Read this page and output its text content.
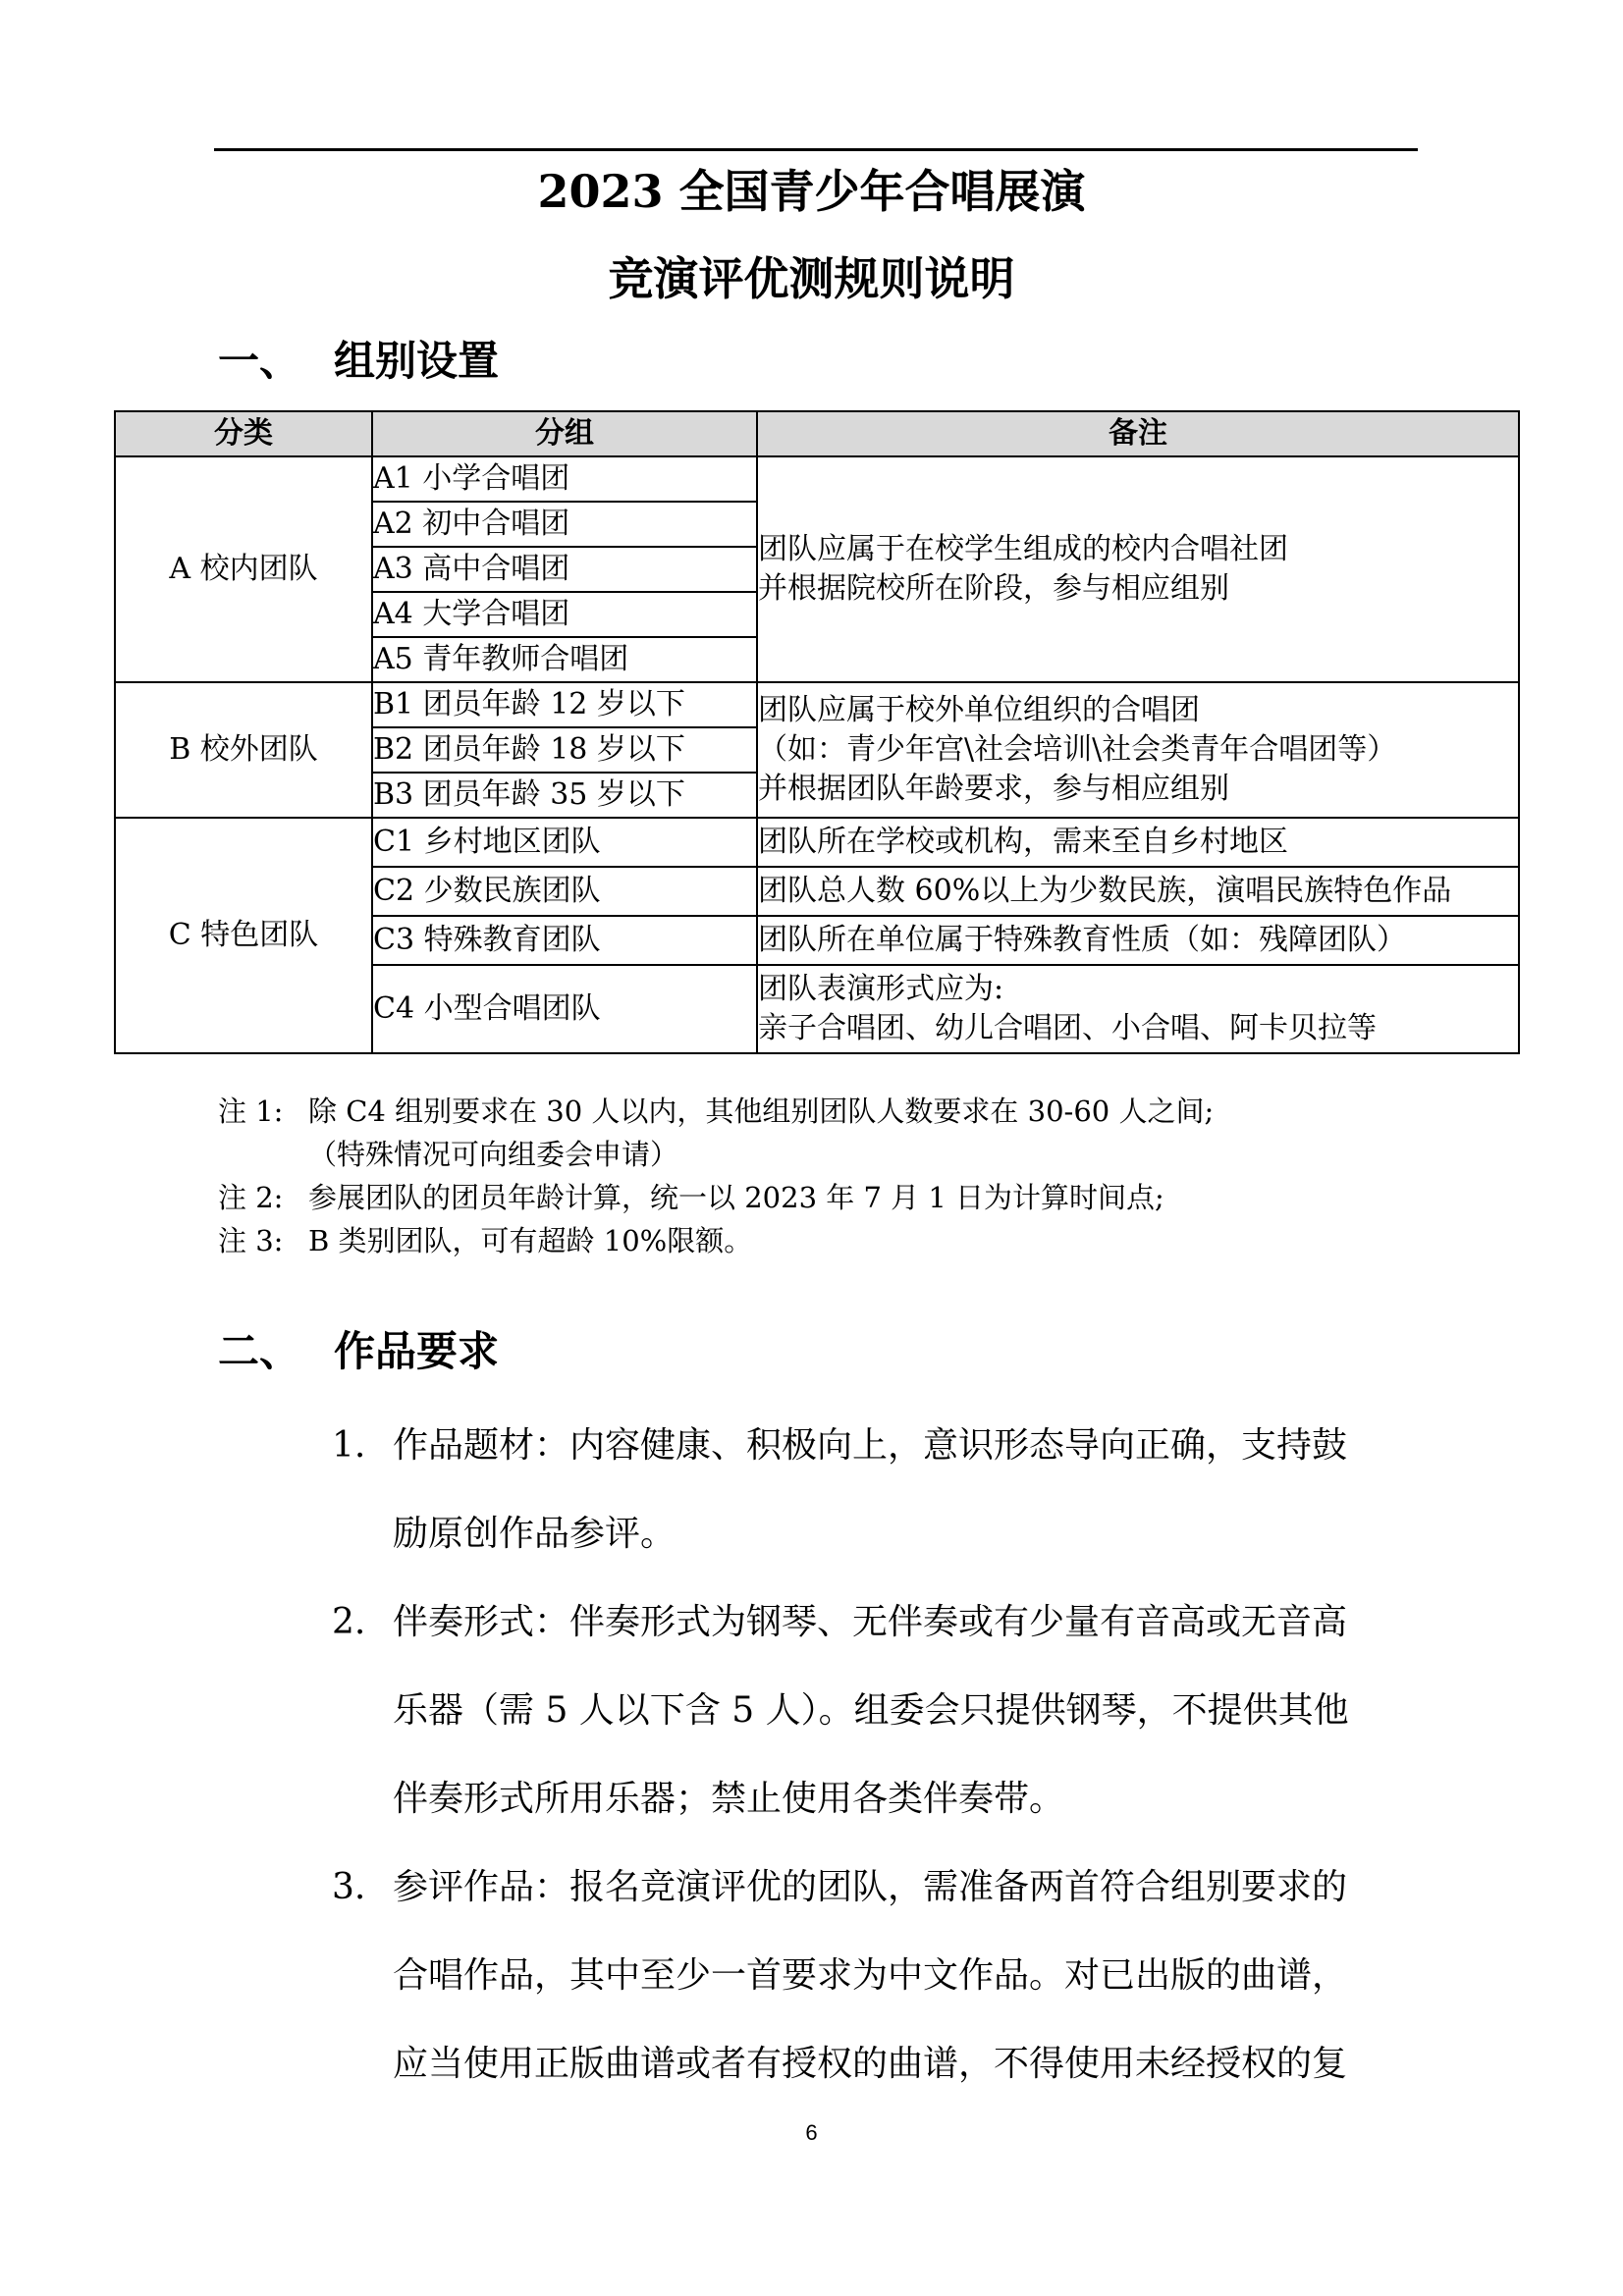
2023 全国青少年合唱展演
竞演评优测规则说明
一、 组别设置
分类	分组	备注
A 校内团队	A1 小学合唱团	团队应属于在校学生组成的校内合唱社团
并根据院校所在阶段，参与相应组别

	A2 初中合唱团	
	A3 高中合唱团	
	A4 大学合唱团	
	A5 青年教师合唱团	
B 校外团队	B1 团员年龄 12 岁以下	团队应属于校外单位组织的合唱团
（如：青少年宫\社会培训\社会类青年合唱团等）
并根据团队年龄要求，参与相应组别

	B2 团员年龄 18 岁以下	
	B3 团员年龄 35 岁以下	
C 特色团队	C1 乡村地区团队	团队所在学校或机构，需来至自乡村地区

	C2 少数民族团队	团队总人数 60%以上为少数民族，演唱民族特色作品

	C3 特殊教育团队	团队所在单位属于特殊教育性质（如：残障团队）

	C4 小型合唱团队	团队表演形式应为:
亲子合唱团、幼儿合唱团、小合唱、阿卡贝拉等
注 1: 除 C4 组别要求在 30 人以内，其他组别团队人数要求在 30-60 人之间;
（特殊情况可向组委会申请）
注 2: 参展团队的团员年龄计算，统一以 2023 年 7 月 1 日为计算时间点;
注 3: B 类别团队，可有超龄 10%限额。
二、 作品要求
1. 作品题材：内容健康、积极向上，意识形态导向正确，支持鼓
励原创作品参评。
2. 伴奏形式：伴奏形式为钢琴、无伴奏或有少量有音高或无音高
乐器（需 5 人以下含 5 人）。组委会只提供钢琴，不提供其他
伴奏形式所用乐器；禁止使用各类伴奏带。
3. 参评作品：报名竞演评优的团队，需准备两首符合组别要求的
合唱作品，其中至少一首要求为中文作品。对已出版的曲谱，
应当使用正版曲谱或者有授权的曲谱，不得使用未经授权的复
6
